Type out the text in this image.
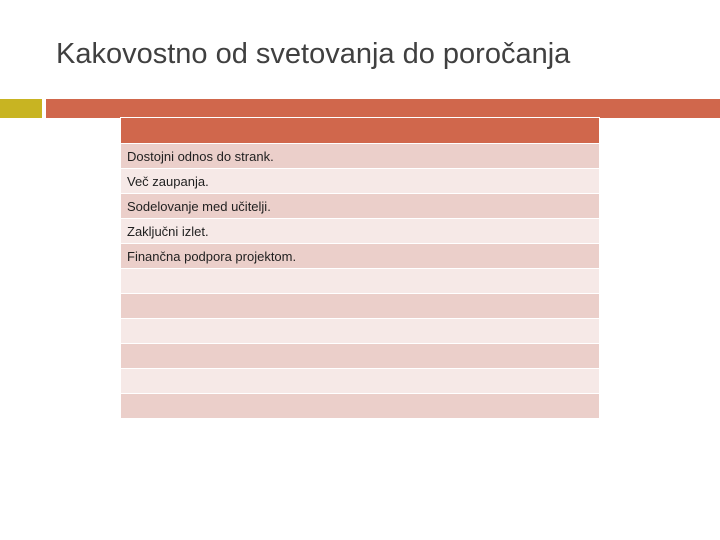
Kakovostno od svetovanja do poročanja
Dostojni odnos do strank.
Več zaupanja.
Sodelovanje med učitelji.
Zaključni izlet.
Finančna podpora projektom.
